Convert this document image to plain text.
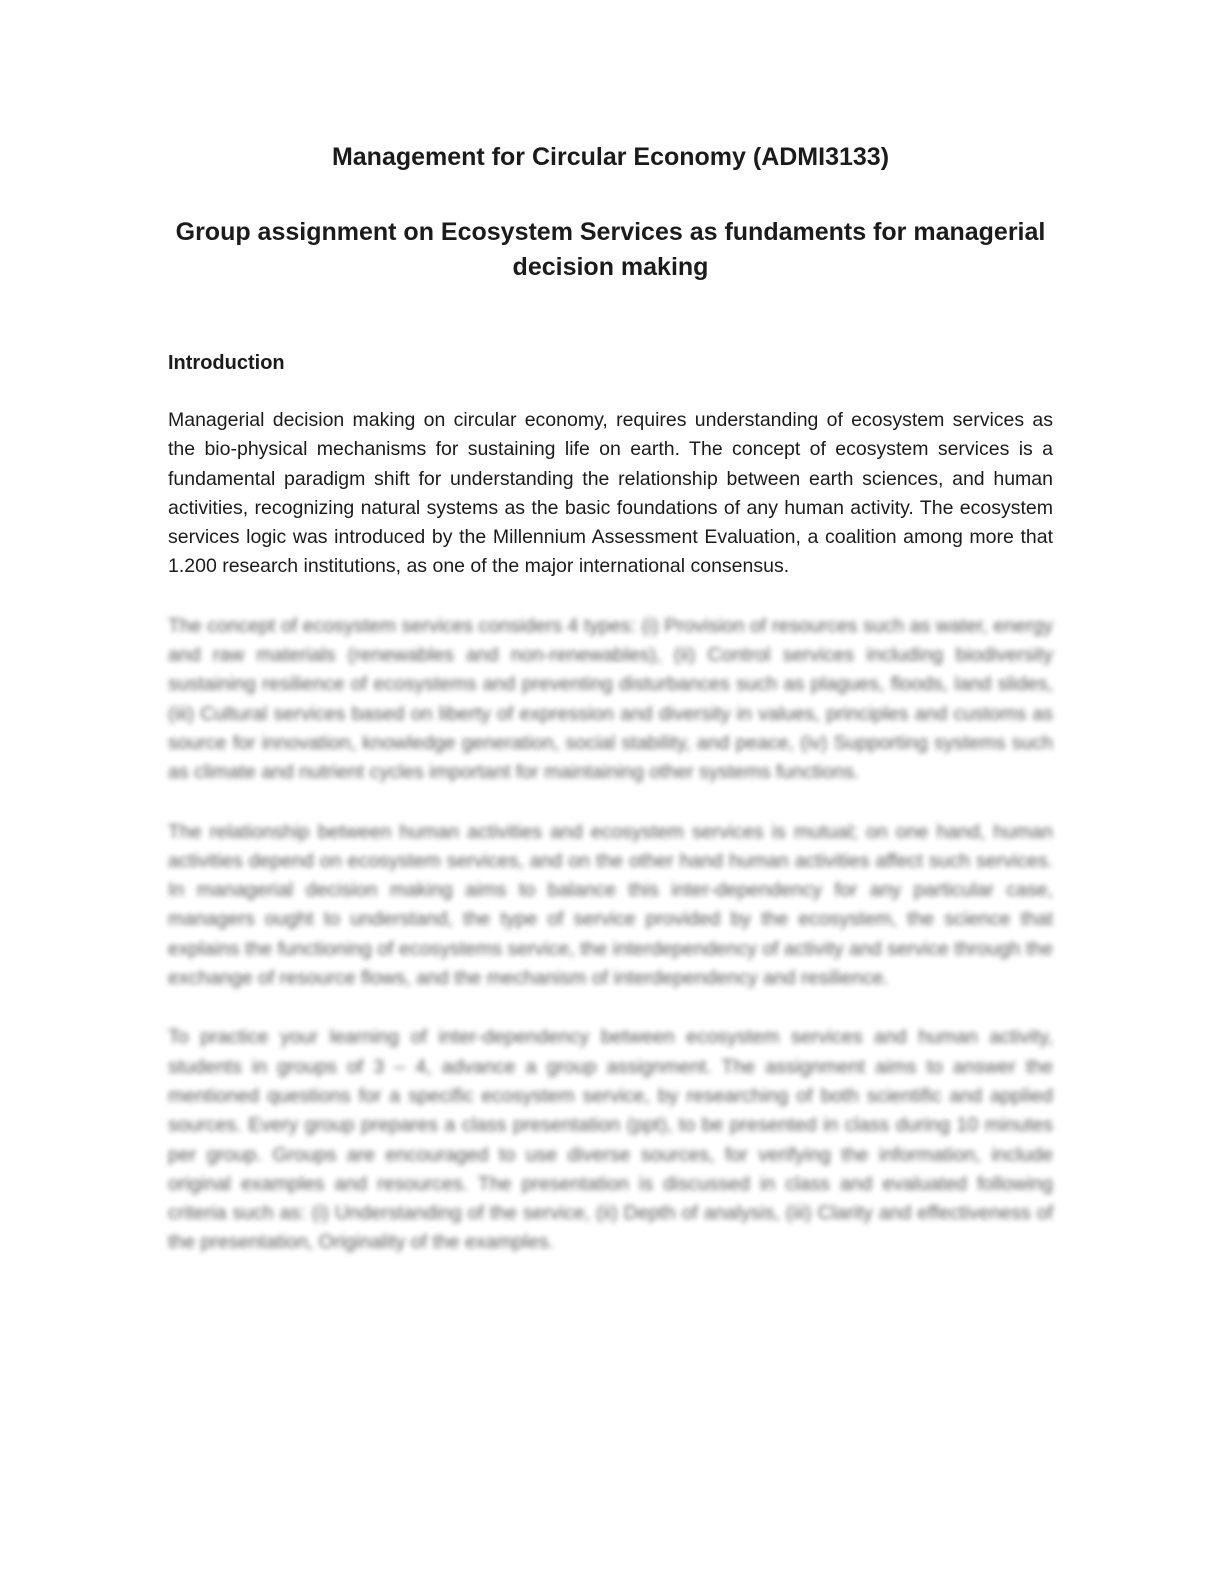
Management for Circular Economy (ADMI3133)
Group assignment on Ecosystem Services as fundaments for managerial decision making
Introduction

Managerial decision making on circular economy, requires understanding of ecosystem services as the bio-physical mechanisms for sustaining life on earth. The concept of ecosystem services is a fundamental paradigm shift for understanding the relationship between earth sciences, and human activities, recognizing natural systems as the basic foundations of any human activity. The ecosystem services logic was introduced by the Millennium Assessment Evaluation, a coalition among more that 1.200 research institutions, as one of the major international consensus.

The concept of ecosystem services considers 4 types: (i) Provision of resources such as water, energy and raw materials (renewables and non-renewables), (ii) Control services including biodiversity sustaining resilience of ecosystems and preventing disturbances such as plagues, floods, land slides, (iii) Cultural services based on liberty of expression and diversity in values, principles and customs as source for innovation, knowledge generation, social stability, and peace, (iv) Supporting systems such as climate and nutrient cycles important for maintaining other systems functions.

The relationship between human activities and ecosystem services is mutual; on one hand, human activities depend on ecosystem services, and on the other hand human activities affect such services. In managerial decision making aims to balance this inter-dependency for any particular case, managers ought to understand, the type of service provided by the ecosystem, the science that explains the functioning of ecosystems service, the interdependency of activity and service through the exchange of resource flows, and the mechanism of interdependency and resilience.

To practice your learning of inter-dependency between ecosystem services and human activity, students in groups of 3 – 4, advance a group assignment. The assignment aims to answer the mentioned questions for a specific ecosystem service, by researching of both scientific and applied sources. Every group prepares a class presentation (ppt), to be presented in class during 10 minutes per group. Groups are encouraged to use diverse sources, for verifying the information, include original examples and resources. The presentation is discussed in class and evaluated following criteria such as: (i) Understanding of the service, (ii) Depth of analysis, (iii) Clarity and effectiveness of the presentation, Originality of the examples.
